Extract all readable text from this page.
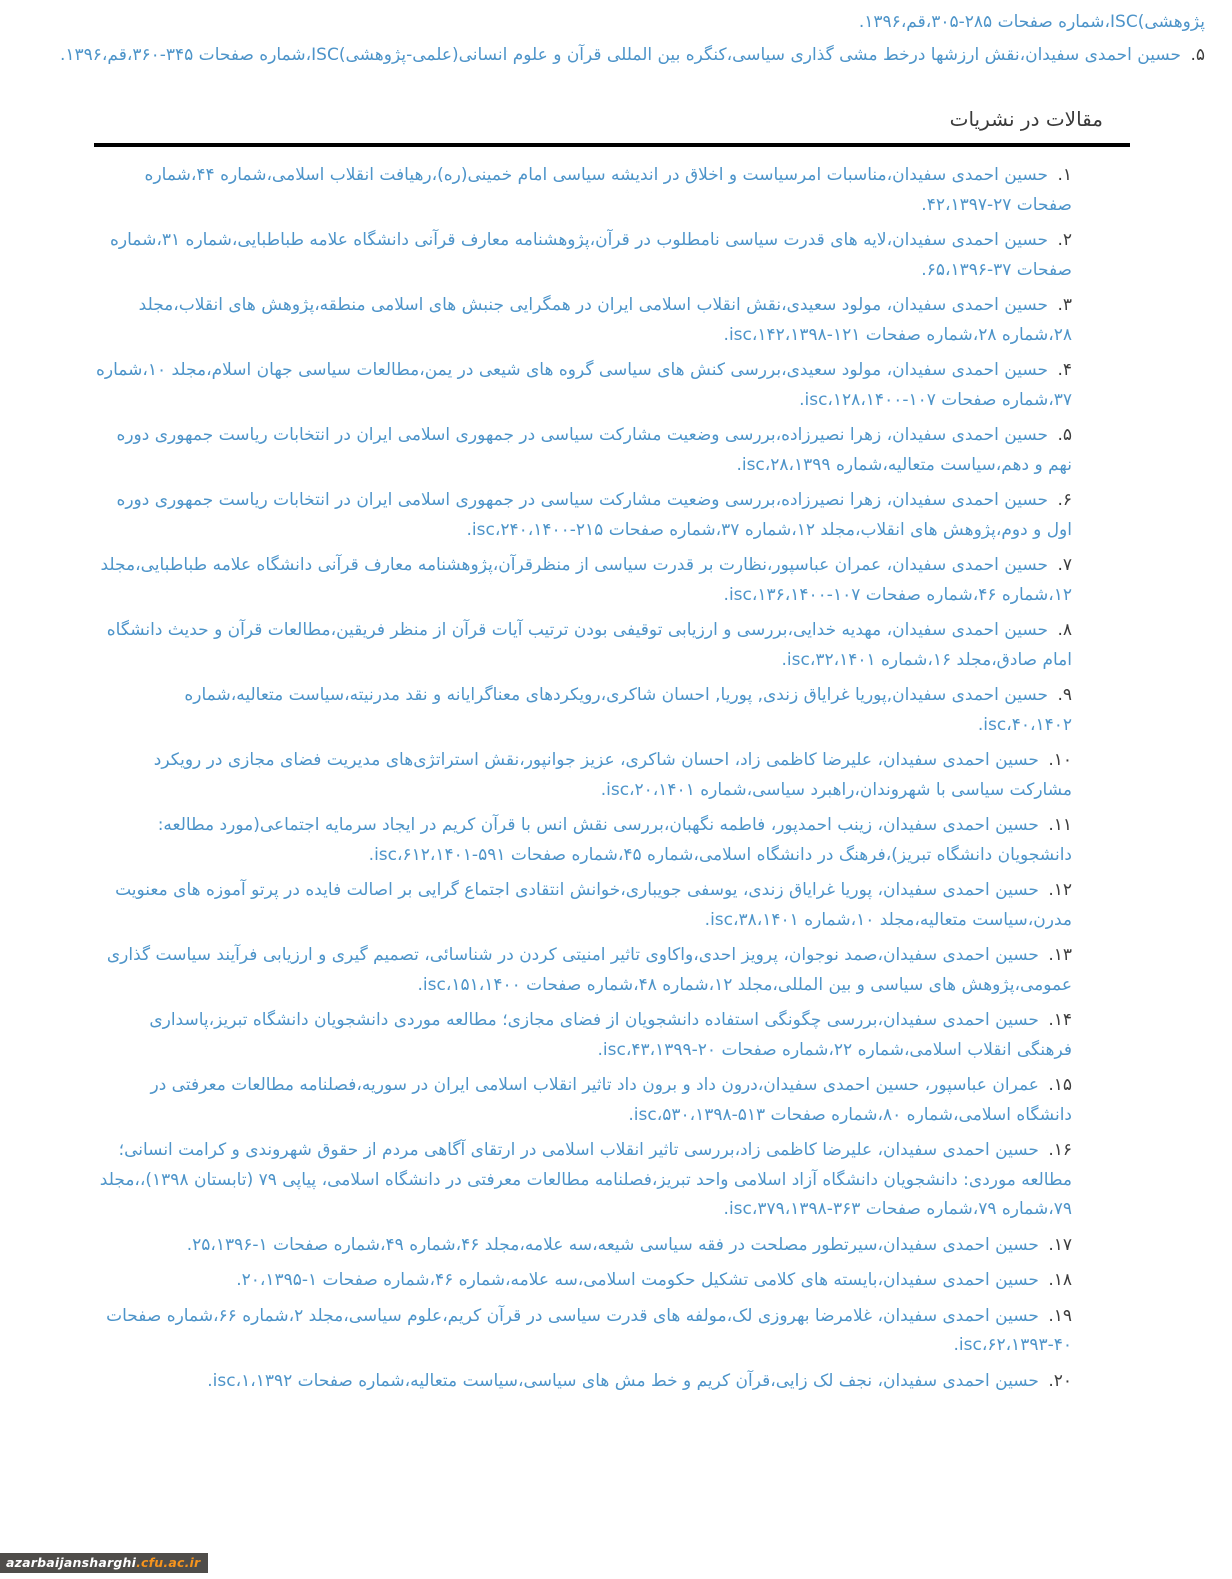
پژوهشی)ISC،شماره صفحات ۲۸۵-۳۰۵،قم،۱۳۹۶.
۵. حسین احمدی سفیدان،نقش ارزشها درخط مشی گذاری سیاسی،کنگره بین المللی قرآن و علوم انسانی(علمی-پژوهشی)ISC،شماره صفحات ۳۴۵-۳۶۰،قم،۱۳۹۶.
مقالات در نشریات
۱. حسین احمدی سفیدان،مناسبات امرسیاست و اخلاق در اندیشه سیاسی امام خمینی(ره)،رهیافت انقلاب اسلامی،شماره ۴۴،شماره صفحات ۲۷-۴۲،۱۳۹۷.
۲. حسین احمدی سفیدان،لایه های قدرت سیاسی نامطلوب در قرآن،پژوهشنامه معارف قرآنی دانشگاه علامه طباطبایی،شماره ۳۱،شماره صفحات ۳۷-۶۵،۱۳۹۶.
۳. حسین احمدی سفیدان، مولود سعیدی،نقش انقلاب اسلامی ایران در همگرایی جنبش های اسلامی منطقه،پژوهش های انقلاب،مجلد ۲۸،شماره ۲۸،شماره صفحات ۱۲۱-۱۴۲،۱۳۹۸،isc.
۴. حسین احمدی سفیدان، مولود سعیدی،بررسی کنش های سیاسی گروه های شیعی در یمن،مطالعات سیاسی جهان اسلام،مجلد ۱۰،شماره ۳۷،شماره صفحات ۱۰۷-۱۲۸،۱۴۰۰،isc.
۵. حسین احمدی سفیدان، زهرا نصیرزاده،بررسی وضعیت مشارکت سیاسی در جمهوری اسلامی ایران در انتخابات ریاست جمهوری دوره نهم و دهم،سیاست متعالیه،شماره ۲۸،۱۳۹۹،isc.
۶. حسین احمدی سفیدان، زهرا نصیرزاده،بررسی وضعیت مشارکت سیاسی در جمهوری اسلامی ایران در انتخابات ریاست جمهوری دوره اول و دوم،پژوهش های انقلاب،مجلد ۱۲،شماره ۳۷،شماره صفحات ۲۱۵-۲۴۰،۱۴۰۰،isc.
۷. حسین احمدی سفیدان، عمران عباسپور،نظارت بر قدرت سیاسی از منظرقرآن،پژوهشنامه معارف قرآنی دانشگاه علامه طباطبایی،مجلد ۱۲،شماره ۴۶،شماره صفحات ۱۰۷-۱۳۶،۱۴۰۰،isc.
۸. حسین احمدی سفیدان، مهدیه خدایی،بررسی و ارزیابی توقیفی بودن ترتیب آیات قرآن از منظر فریقین،مطالعات قرآن و حدیث دانشگاه امام صادق،مجلد ۱۶،شماره ۳۲،۱۴۰۱،isc.
۹. حسین احمدی سفیدان,پوریا غرایاق زندی, پوریا, احسان شاکری،رویکردهای معناگرایانه و نقد مدرنیته،سیاست متعالیه،شماره ۴۰،۱۴۰۲،isc.
۱۰. حسین احمدی سفیدان، علیرضا کاظمی زاد، احسان شاکری، عزیز جوانپور،نقش استراتژی‌های مدیریت فضای مجازی در رویکرد مشارکت سیاسی با شهروندان،راهبرد سیاسی،شماره ۲۰،۱۴۰۱،isc.
۱۱. حسین احمدی سفیدان، زینب احمدپور، فاطمه نگهبان،بررسی نقش انس با قرآن کریم در ایجاد سرمایه اجتماعی(مورد مطالعه: دانشجویان دانشگاه تبریز)،فرهنگ در دانشگاه اسلامی،شماره ۴۵،شماره صفحات ۵۹۱-۶۱۲،۱۴۰۱،isc.
۱۲. حسین احمدی سفیدان، پوریا غرایاق زندی، یوسفی جویباری،خوانش انتقادی اجتماع گرایی بر اصالت فایده در پرتو آموزه های معنویت مدرن،سیاست متعالیه،مجلد ۱۰،شماره ۳۸،۱۴۰۱،isc.
۱۳. حسین احمدی سفیدان،صمد نوجوان، پرویز احدی،واکاوی تاثیر امنیتی کردن در شناسائی، تصمیم گیری و ارزیابی فرآیند سیاست گذاری عمومی،پژوهش های سیاسی و بین المللی،مجلد ۱۲،شماره ۴۸،شماره صفحات ۱۵۱،۱۴۰۰،isc.
۱۴. حسین احمدی سفیدان،بررسی چگونگی استفاده دانشجویان از فضای مجازی؛ مطالعه موردی دانشجویان دانشگاه تبریز،پاسداری فرهنگی انقلاب اسلامی،شماره ۲۲،شماره صفحات ۲۰-۴۳،۱۳۹۹،isc.
۱۵. عمران عباسپور، حسین احمدی سفیدان،درون داد و برون داد تاثیر انقلاب اسلامی ایران در سوریه،فصلنامه مطالعات معرفتی در دانشگاه اسلامی،شماره ۸۰،شماره صفحات ۵۱۳-۵۳۰،۱۳۹۸،isc.
۱۶. حسین احمدی سفیدان، علیرضا کاظمی زاد،بررسی تاثیر انقلاب اسلامی در ارتقای آگاهی مردم از حقوق شهروندی و کرامت انسانی؛ مطالعه موردی: دانشجویان دانشگاه آزاد اسلامی واحد تبریز،فصلنامه مطالعات معرفتی در دانشگاه اسلامی، پیاپی ۷۹ (تابستان ۱۳۹۸)،،مجلد ۷۹،شماره ۷۹،شماره صفحات ۳۶۳-۳۷۹،۱۳۹۸،isc.
۱۷. حسین احمدی سفیدان،سیرتطور مصلحت در فقه سیاسی شیعه،سه علامه،مجلد ۴۶،شماره ۴۹،شماره صفحات ۱-۲۵،۱۳۹۶.
۱۸. حسین احمدی سفیدان،بایسته های کلامی تشکیل حکومت اسلامی،سه علامه،شماره ۴۶،شماره صفحات ۱-۲۰،۱۳۹۵.
۱۹. حسین احمدی سفیدان، غلامرضا بهروزی لک،مولفه های قدرت سیاسی در قرآن کریم،علوم سیاسی،مجلد ۲،شماره ۶۶،شماره صفحات ۴۰-۶۲،۱۳۹۳،isc.
۲۰. حسین احمدی سفیدان، نجف لک زایی،قرآن کریم و خط مش های سیاسی،سیاست متعالیه،شماره صفحات ۱،۱۳۹۲،isc.
azarbaijansharghi.cfu.ac.ir
